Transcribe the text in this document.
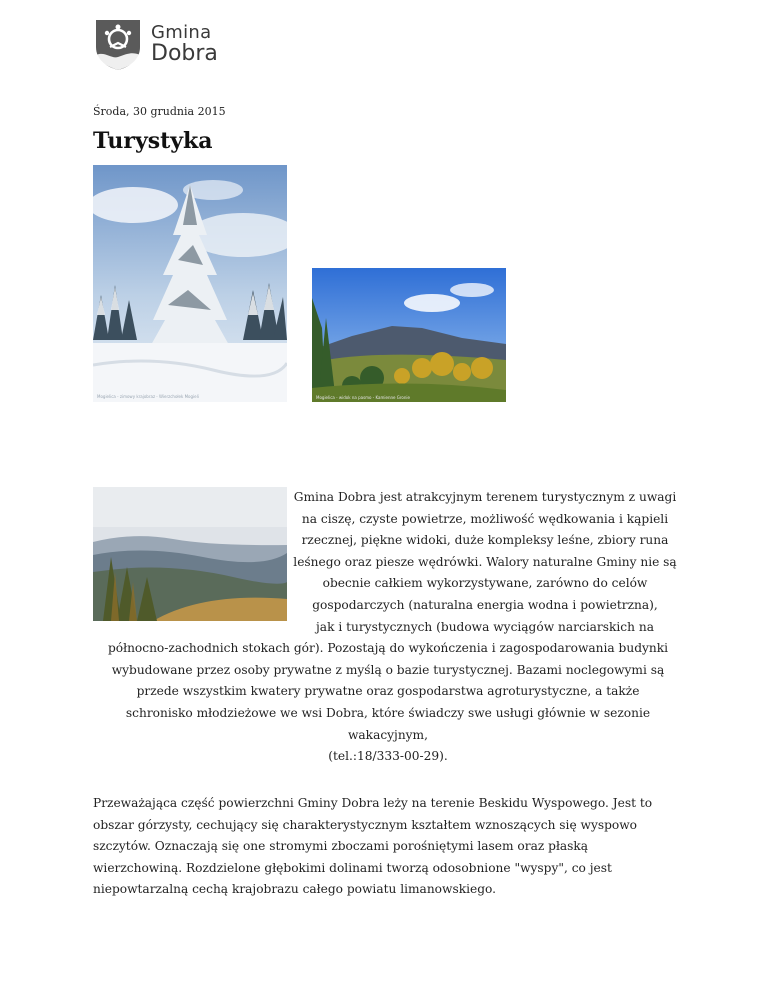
Gmina
Dobra
Środa, 30 grudnia 2015
Turystyka
Mogielica - zimowy krajobraz - Wierzchołek Mogieli	Mogielica - widok na pasmo - Kamienne Gronie
Gmina Dobra jest atrakcyjnym terenem turystycznym z uwagi
na ciszę, czyste powietrze, możliwość wędkowania i kąpieli
rzecznej, piękne widoki, duże kompleksy leśne, zbiory runa
leśnego oraz piesze wędrówki. Walory naturalne Gminy nie są
obecnie całkiem wykorzystywane, zarówno do celów
gospodarczych (naturalna energia wodna i powietrzna),
jak i turystycznych (budowa wyciągów narciarskich na
północno-zachodnich stokach gór). Pozostają do wykończenia i zagospodarowania budynki
wybudowane przez osoby prywatne z myślą o bazie turystycznej. Bazami noclegowymi są
przede wszystkim kwatery prywatne oraz gospodarstwa agroturystyczne, a także
schronisko młodzieżowe we wsi Dobra, które świadczy swe usługi głównie w sezonie
wakacyjnym,
(tel.:18/333-00-29).
Przeważająca część powierzchni Gminy Dobra leży na terenie Beskidu Wyspowego. Jest to
obszar górzysty, cechujący się charakterystycznym kształtem wznoszących się wyspowo
szczytów. Oznaczają się one stromymi zboczami porośniętymi lasem oraz płaską
wierzchowiną. Rozdzielone głębokimi dolinami tworzą odosobnione "wyspy", co jest
niepowtarzalną cechą krajobrazu całego powiatu limanowskiego.
